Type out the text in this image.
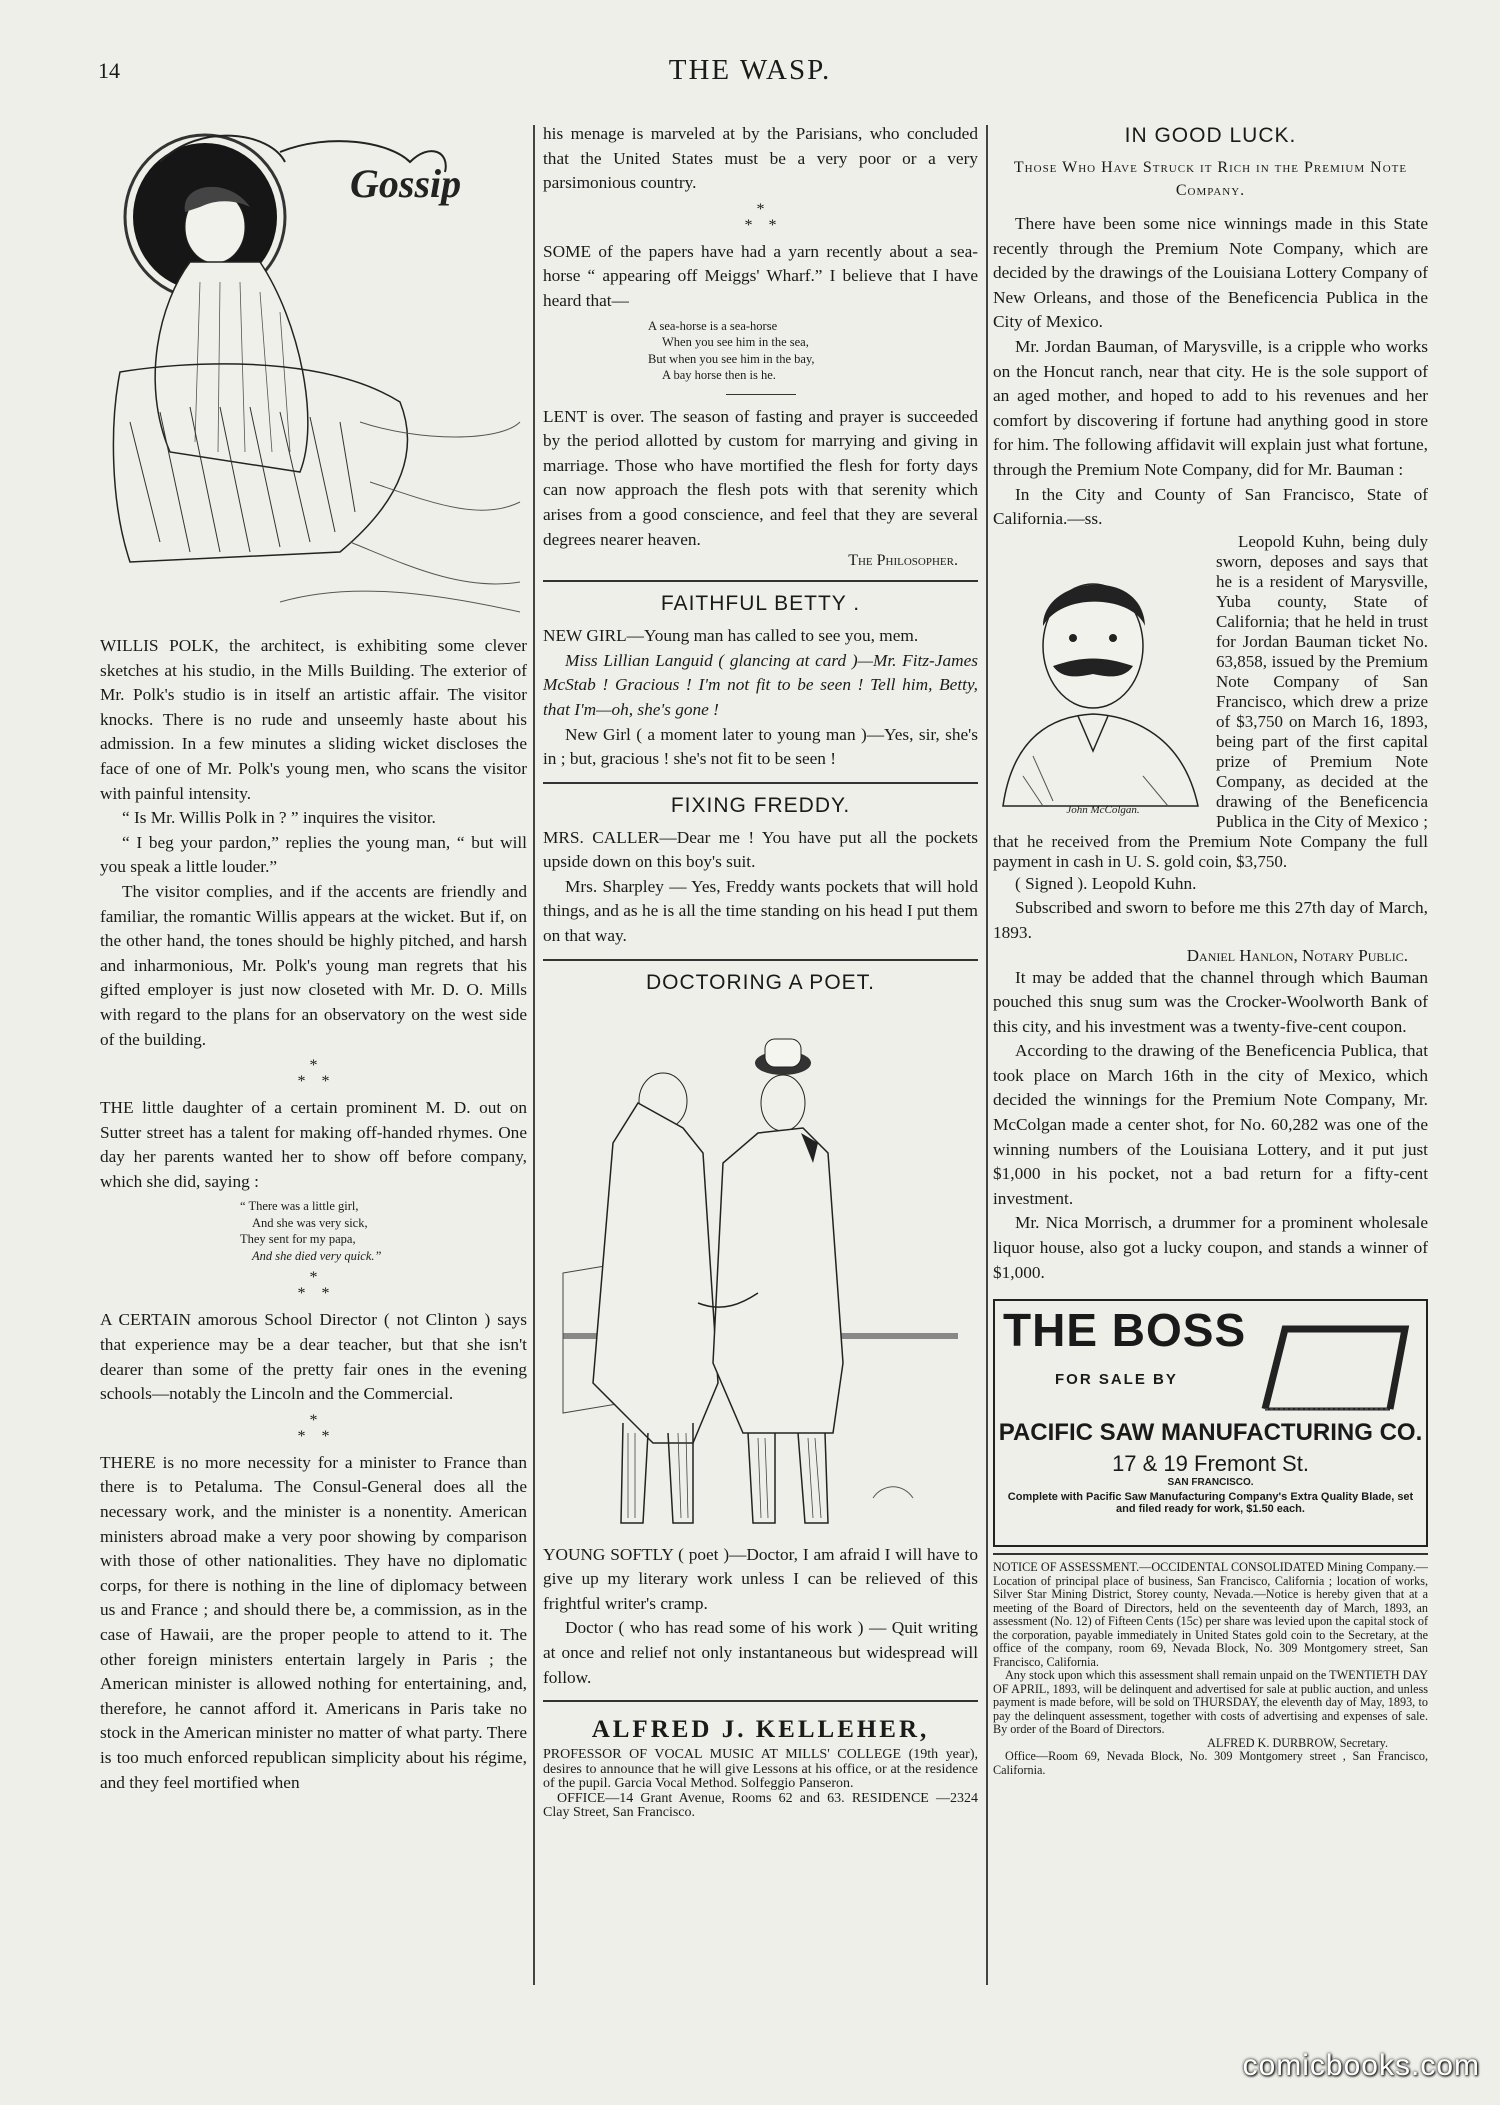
14	THE WASP.
Gossip

WILLIS POLK, the architect, is exhibiting some clever sketches at his studio, in the Mills Building. The exterior of Mr. Polk's studio is in itself an artistic affair. The visitor knocks. There is no rude and unseemly haste about his admission. In a few minutes a sliding wicket discloses the face of one of Mr. Polk's young men, who scans the visitor with painful intensity.

“ Is Mr. Willis Polk in ? ” inquires the visitor.

“ I beg your pardon,” replies the young man, “ but will you speak a little louder.”

The visitor complies, and if the accents are friendly and familiar, the romantic Willis appears at the wicket. But if, on the other hand, the tones should be highly pitched, and harsh and inharmonious, Mr. Polk's young man regrets that his gifted employer is just now closeted with Mr. D. O. Mills with regard to the plans for an observatory on the west side of the building.

*
*    *

THE little daughter of a certain prominent M. D. out on Sutter street has a talent for making off-handed rhymes. One day her parents wanted her to show off before company, which she did, saying :

“ There was a little girl,
And she was very sick,
They sent for my papa,
And she died very quick.”
*
*    *

A CERTAIN amorous School Director ( not Clinton ) says that experience may be a dear teacher, but that she isn't dearer than some of the pretty fair ones in the evening schools—notably the Lincoln and the Commercial.

*
*    *

THERE is no more necessity for a minister to France than there is to Petaluma. The Consul-General does all the necessary work, and the minister is a nonentity. American ministers abroad make a very poor showing by comparison with those of other nationalities. They have no diplomatic corps, for there is nothing in the line of diplomacy between us and France ; and should there be, a commission, as in the case of Hawaii, are the proper people to attend to it. The other foreign ministers entertain largely in Paris ; the American minister is allowed nothing for entertaining, and, therefore, he cannot afford it. Americans in Paris take no stock in the American minister no matter of what party. There is too much enforced republican simplicity about his régime, and they feel mortified when

his menage is marveled at by the Parisians, who concluded that the United States must be a very poor or a very parsimonious country.

*
*    *

SOME of the papers have had a yarn recently about a sea-horse “ appearing off Meiggs' Wharf.” I believe that I have heard that—

A sea-horse is a sea-horse
When you see him in the sea,
But when you see him in the bay,
A bay horse then is he.

LENT is over. The season of fasting and prayer is succeeded by the period allotted by custom for marrying and giving in marriage. Those who have mortified the flesh for forty days can now approach the flesh pots with that serenity which arises from a good conscience, and feel that they are several degrees nearer heaven.

The Philosopher.
FAITHFUL BETTY .

NEW GIRL—Young man has called to see you, mem.

Miss Lillian Languid ( glancing at card )—Mr. Fitz-James McStab ! Gracious ! I'm not fit to be seen ! Tell him, Betty, that I'm—oh, she's gone !

New Girl ( a moment later to young man )—Yes, sir, she's in ; but, gracious ! she's not fit to be seen !

FIXING FREDDY.

MRS. CALLER—Dear me ! You have put all the pockets upside down on this boy's suit.

Mrs. Sharpley — Yes, Freddy wants pockets that will hold things, and as he is all the time standing on his head I put them on that way.

DOCTORING A POET.

YOUNG SOFTLY ( poet )—Doctor, I am afraid I will have to give up my literary work unless I can be relieved of this frightful writer's cramp.

Doctor ( who has read some of his work ) — Quit writing at once and relief not only instantaneous but widespread will follow.

ALFRED J. KELLEHER,
PROFESSOR OF VOCAL MUSIC AT MILLS' COLLEGE (19th year), desires to announce that he will give Lessons at his office, or at the residence of the pupil. Garcia Vocal Method. Solfeggio Panseron.
OFFICE—14 Grant Avenue, Rooms 62 and 63. RESIDENCE —2324 Clay Street, San Francisco.
IN GOOD LUCK.
Those Who Have Struck it Rich in the Premium Note Company.

There have been some nice winnings made in this State recently through the Premium Note Company, which are decided by the drawings of the Louisiana Lottery Company of New Orleans, and those of the Beneficencia Publica in the City of Mexico.

Mr. Jordan Bauman, of Marysville, is a cripple who works on the Honcut ranch, near that city. He is the sole support of an aged mother, and hoped to add to his revenues and her comfort by discovering if fortune had anything good in store for him. The following affidavit will explain just what fortune, through the Premium Note Company, did for Mr. Bauman :

In the City and County of San Francisco, State of California.—ss.

John McColgan.
Leopold Kuhn, being duly sworn, deposes and says that he is a resident of Marysville, Yuba county, State of California; that he held in trust for Jordan Bauman ticket No. 63,858, issued by the Premium Note Company of San Francisco, which drew a prize of $3,750 on March 16, 1893, being part of the first capital prize of Premium Note Company, as decided at the drawing of the Beneficencia Publica in the City of Mexico ; that he received from the Premium Note Company the full payment in cash in U. S. gold coin, $3,750.

( Signed ). Leopold Kuhn.

Subscribed and sworn to before me this 27th day of March, 1893.

Daniel Hanlon, Notary Public.

It may be added that the channel through which Bauman pouched this snug sum was the Crocker-Woolworth Bank of this city, and his investment was a twenty-five-cent coupon.

According to the drawing of the Beneficencia Publica, that took place on March 16th in the city of Mexico, which decided the winnings for the Premium Note Company, Mr. McColgan made a center shot, for No. 60,282 was one of the winning numbers of the Louisiana Lottery, and it put just $1,000 in his pocket, not a bad return for a fifty-cent investment.

Mr. Nica Morrisch, a drummer for a prominent wholesale liquor house, also got a lucky coupon, and stands a winner of $1,000.

THE BOSS
FOR SALE BY
PACIFIC SAW MANUFACTURING CO.
17 & 19 Fremont St.
SAN FRANCISCO.
Complete with Pacific Saw Manufacturing Company's Extra Quality Blade, set and filed ready for work, $1.50 each.
NOTICE OF ASSESSMENT.—OCCIDENTAL CONSOLIDATED Mining Company.—Location of principal place of business, San Francisco, California ; location of works, Silver Star Mining District, Storey county, Nevada.—Notice is hereby given that at a meeting of the Board of Directors, held on the seventeenth day of March, 1893, an assessment (No. 12) of Fifteen Cents (15c) per share was levied upon the capital stock of the corporation, payable immediately in United States gold coin to the Secretary, at the office of the company, room 69, Nevada Block, No. 309 Montgomery street, San Francisco, California.
Any stock upon which this assessment shall remain unpaid on the TWENTIETH DAY OF APRIL, 1893, will be delinquent and advertised for sale at public auction, and unless payment is made before, will be sold on THURSDAY, the eleventh day of May, 1893, to pay the delinquent assessment, together with costs of advertising and expenses of sale. By order of the Board of Directors.
ALFRED K. DURBROW, Secretary.
Office—Room 69, Nevada Block, No. 309 Montgomery street , San Francisco, California.
comicbooks.com
